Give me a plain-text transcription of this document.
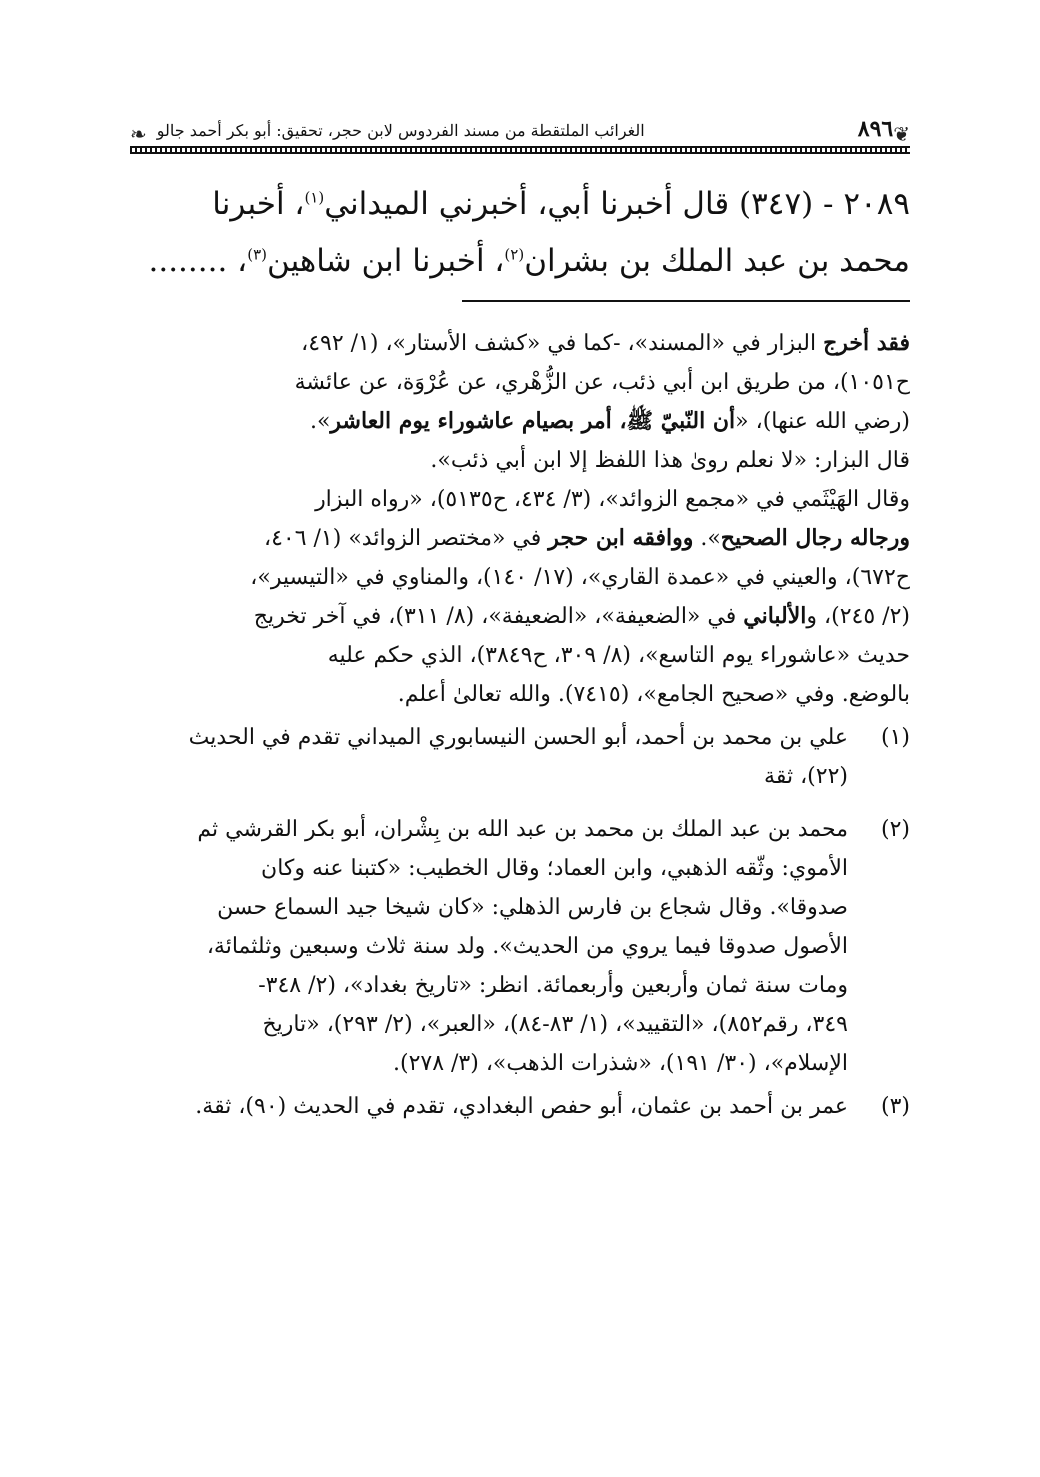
❦
٨٩٦
الغرائب الملتقطة من مسند الفردوس لابن حجر، تحقيق: أبو بكر أحمد جالو
❧
٢٠٨٩ - (٣٤٧) قال أخبرنا أبي، أخبرني الميداني$^{(١)}$، أخبرنا
محمد بن عبد الملك بن بشران$^{(٢)}$، أخبرنا ابن شاهين$^{(٣)}$، ........
فقد أخرج البزار في «المسند»، -كما في «كشف الأستار»، (١/ ٤٩٢،
ح١٠٥١)، من طريق ابن أبي ذئب، عن الزُّهْري، عن عُرْوَة، عن عائشة
(رضي الله عنها)، «أن النّبيّ ﷺ، أمر بصيام عاشوراء يوم العاشر».
قال البزار: «لا نعلم روىٰ هذا اللفظ إلا ابن أبي ذئب».
وقال الهَيْثَمي في «مجمع الزوائد»، (٣/ ٤٣٤، ح٥١٣٥)، «رواه البزار
ورجاله رجال الصحيح». ووافقه ابن حجر في «مختصر الزوائد» (١/ ٤٠٦،
ح٦٧٢)، والعيني في «عمدة القاري»، (١٧/ ١٤٠)، والمناوي في «التيسير»،
(٢/ ٢٤٥)، والألباني في «الضعيفة»، «الضعيفة»، (٨/ ٣١١)، في آخر تخريج
حديث «عاشوراء يوم التاسع»، (٨/ ٣٠٩، ح٣٨٤٩)، الذي حكم عليه
بالوضع. وفي «صحيح الجامع»، (٧٤١٥). والله تعالىٰ أعلم.
(١)
علي بن محمد بن أحمد، أبو الحسن النيسابوري الميداني تقدم في الحديث
(٢٢)، ثقة
(٢)
محمد بن عبد الملك بن محمد بن عبد الله بن بِشْران، أبو بكر القرشي ثم
الأموي: وثّقه الذهبي، وابن العماد؛ وقال الخطيب: «كتبنا عنه وكان
صدوقا». وقال شجاع بن فارس الذهلي: «كان شيخا جيد السماع حسن
الأصول صدوقا فيما يروي من الحديث». ولد سنة ثلاث وسبعين وثلثمائة،
ومات سنة ثمان وأربعين وأربعمائة. انظر: «تاريخ بغداد»، (٢/ ٣٤٨-
٣٤٩، رقم٨٥٢)، «التقييد»، (١/ ٨٣-٨٤)، «العبر»، (٢/ ٢٩٣)، «تاريخ
الإسلام»، (٣٠/ ١٩١)، «شذرات الذهب»، (٣/ ٢٧٨).
(٣)
عمر بن أحمد بن عثمان، أبو حفص البغدادي، تقدم في الحديث (٩٠)، ثقة.
